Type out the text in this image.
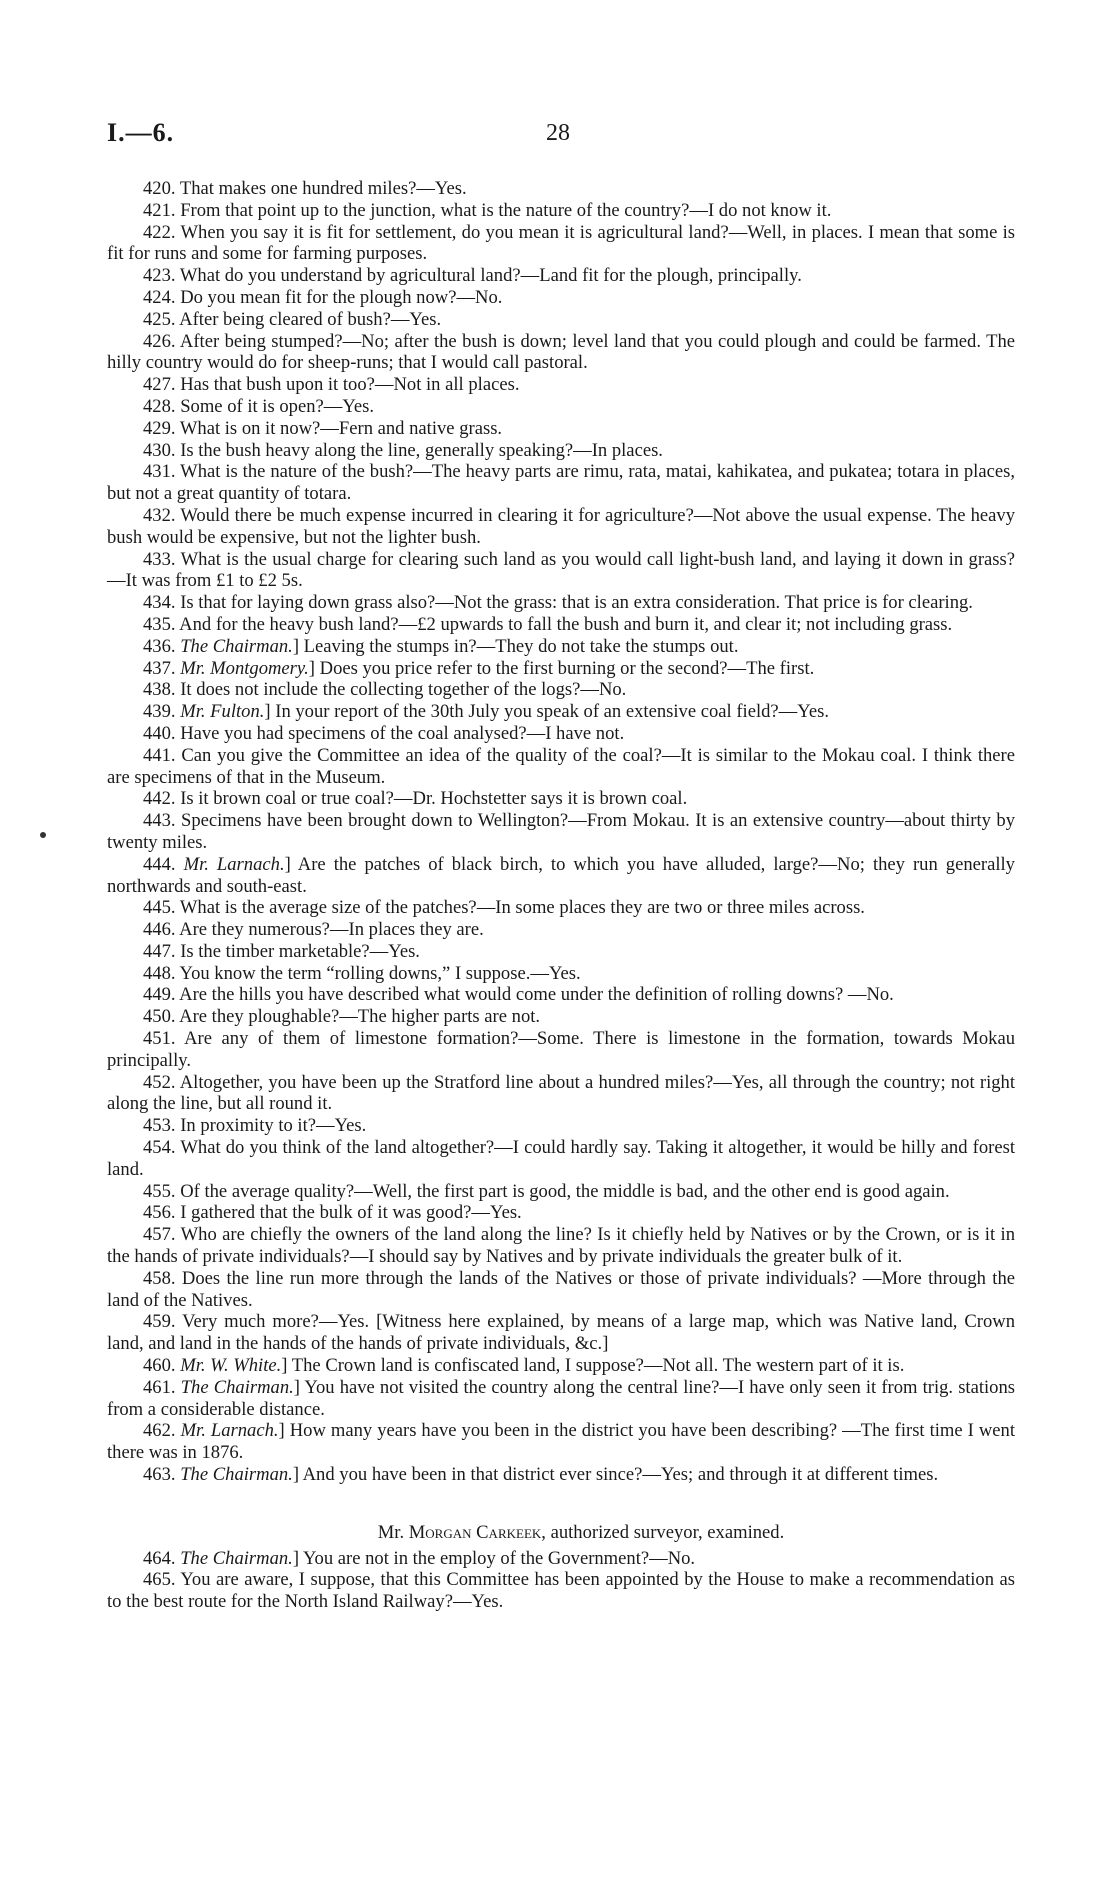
I.—6.	28

420. That makes one hundred miles?—Yes.

421. From that point up to the junction, what is the nature of the country?—I do not know it.

422. When you say it is fit for settlement, do you mean it is agricultural land?—Well, in places. I mean that some is fit for runs and some for farming purposes.

423. What do you understand by agricultural land?—Land fit for the plough, principally.

424. Do you mean fit for the plough now?—No.

425. After being cleared of bush?—Yes.

426. After being stumped?—No; after the bush is down; level land that you could plough and could be farmed. The hilly country would do for sheep-runs; that I would call pastoral.

427. Has that bush upon it too?—Not in all places.

428. Some of it is open?—Yes.

429. What is on it now?—Fern and native grass.

430. Is the bush heavy along the line, generally speaking?—In places.

431. What is the nature of the bush?—The heavy parts are rimu, rata, matai, kahikatea, and pukatea; totara in places, but not a great quantity of totara.

432. Would there be much expense incurred in clearing it for agriculture?—Not above the usual expense. The heavy bush would be expensive, but not the lighter bush.

433. What is the usual charge for clearing such land as you would call light-bush land, and laying it down in grass?—It was from £1 to £2 5s.

434. Is that for laying down grass also?—Not the grass: that is an extra consideration. That price is for clearing.

435. And for the heavy bush land?—£2 upwards to fall the bush and burn it, and clear it; not including grass.

436. The Chairman.] Leaving the stumps in?—They do not take the stumps out.

437. Mr. Montgomery.] Does you price refer to the first burning or the second?—The first.

438. It does not include the collecting together of the logs?—No.

439. Mr. Fulton.] In your report of the 30th July you speak of an extensive coal field?—Yes.

440. Have you had specimens of the coal analysed?—I have not.

441. Can you give the Committee an idea of the quality of the coal?—It is similar to the Mokau coal. I think there are specimens of that in the Museum.

442. Is it brown coal or true coal?—Dr. Hochstetter says it is brown coal.

443. Specimens have been brought down to Wellington?—From Mokau. It is an extensive country—about thirty by twenty miles.

444. Mr. Larnach.] Are the patches of black birch, to which you have alluded, large?—No; they run generally northwards and south-east.

445. What is the average size of the patches?—In some places they are two or three miles across.

446. Are they numerous?—In places they are.

447. Is the timber marketable?—Yes.

448. You know the term “rolling downs,” I suppose.—Yes.

449. Are the hills you have described what would come under the definition of rolling downs? —No.

450. Are they ploughable?—The higher parts are not.

451. Are any of them of limestone formation?—Some. There is limestone in the formation, towards Mokau principally.

452. Altogether, you have been up the Stratford line about a hundred miles?—Yes, all through the country; not right along the line, but all round it.

453. In proximity to it?—Yes.

454. What do you think of the land altogether?—I could hardly say. Taking it altogether, it would be hilly and forest land.

455. Of the average quality?—Well, the first part is good, the middle is bad, and the other end is good again.

456. I gathered that the bulk of it was good?—Yes.

457. Who are chiefly the owners of the land along the line? Is it chiefly held by Natives or by the Crown, or is it in the hands of private individuals?—I should say by Natives and by private individuals the greater bulk of it.

458. Does the line run more through the lands of the Natives or those of private individuals? —More through the land of the Natives.

459. Very much more?—Yes. [Witness here explained, by means of a large map, which was Native land, Crown land, and land in the hands of the hands of private individuals, &c.]

460. Mr. W. White.] The Crown land is confiscated land, I suppose?—Not all. The western part of it is.

461. The Chairman.] You have not visited the country along the central line?—I have only seen it from trig. stations from a considerable distance.

462. Mr. Larnach.] How many years have you been in the district you have been describing? —The first time I went there was in 1876.

463. The Chairman.] And you have been in that district ever since?—Yes; and through it at different times.

Mr. Morgan Carkeek, authorized surveyor, examined.

464. The Chairman.] You are not in the employ of the Government?—No.

465. You are aware, I suppose, that this Committee has been appointed by the House to make a recommendation as to the best route for the North Island Railway?—Yes.
